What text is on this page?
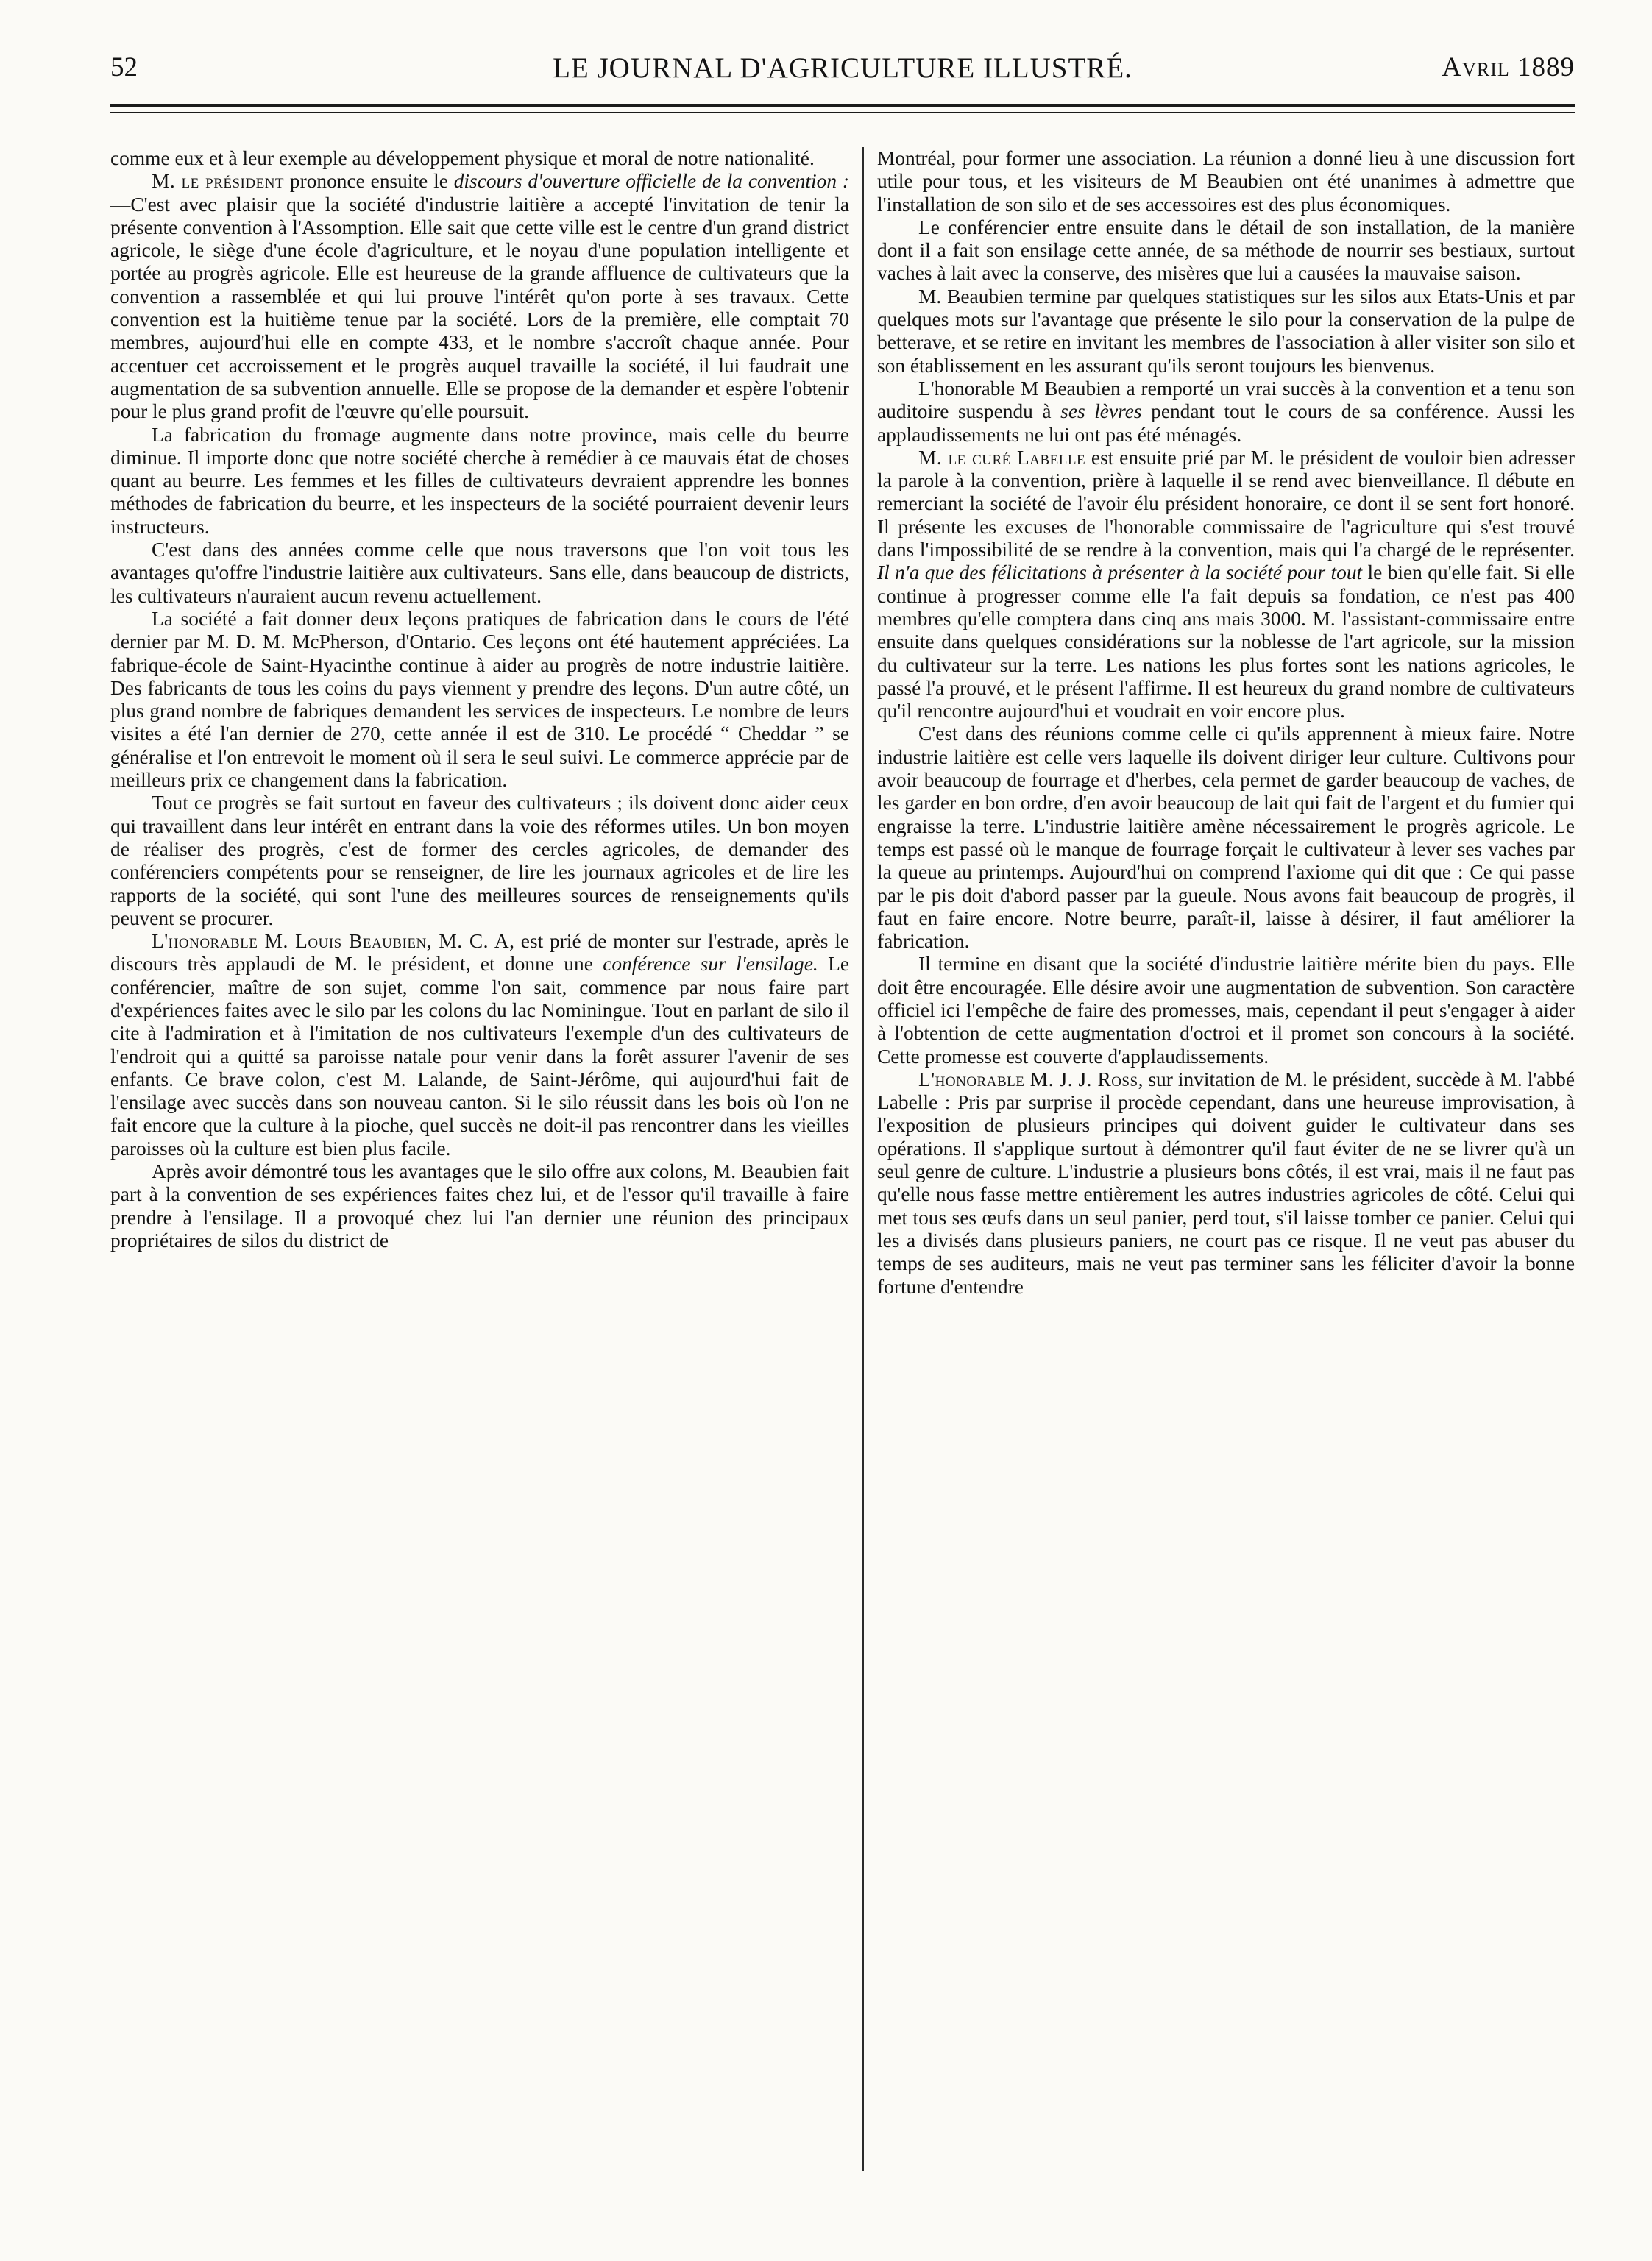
52	LE JOURNAL D'AGRICULTURE ILLUSTRÉ.	Avril 1889

comme eux et à leur exemple au développement physique et moral de notre nationalité.

M. le président prononce ensuite le discours d'ouverture officielle de la convention :—C'est avec plaisir que la société d'industrie laitière a accepté l'invitation de tenir la présente convention à l'Assomption. Elle sait que cette ville est le centre d'un grand district agricole, le siège d'une école d'agriculture, et le noyau d'une population intelligente et portée au progrès agricole. Elle est heureuse de la grande affluence de cultivateurs que la convention a rassemblée et qui lui prouve l'intérêt qu'on porte à ses travaux. Cette convention est la huitième tenue par la société. Lors de la première, elle comptait 70 membres, aujourd'hui elle en compte 433, et le nombre s'accroît chaque année. Pour accentuer cet accroissement et le progrès auquel travaille la société, il lui faudrait une augmentation de sa subvention annuelle. Elle se propose de la demander et espère l'obtenir pour le plus grand profit de l'œuvre qu'elle poursuit.

La fabrication du fromage augmente dans notre province, mais celle du beurre diminue. Il importe donc que notre société cherche à remédier à ce mauvais état de choses quant au beurre. Les femmes et les filles de cultivateurs devraient apprendre les bonnes méthodes de fabrication du beurre, et les inspecteurs de la société pourraient devenir leurs instructeurs.

C'est dans des années comme celle que nous traversons que l'on voit tous les avantages qu'offre l'industrie laitière aux cultivateurs. Sans elle, dans beaucoup de districts, les cultivateurs n'auraient aucun revenu actuellement.

La société a fait donner deux leçons pratiques de fabrication dans le cours de l'été dernier par M. D. M. McPherson, d'Ontario. Ces leçons ont été hautement appréciées. La fabrique-école de Saint-Hyacinthe continue à aider au progrès de notre industrie laitière. Des fabricants de tous les coins du pays viennent y prendre des leçons. D'un autre côté, un plus grand nombre de fabriques demandent les services de inspecteurs. Le nombre de leurs visites a été l'an dernier de 270, cette année il est de 310. Le procédé “ Cheddar ” se généralise et l'on entrevoit le moment où il sera le seul suivi. Le commerce apprécie par de meilleurs prix ce changement dans la fabrication.

Tout ce progrès se fait surtout en faveur des cultivateurs ; ils doivent donc aider ceux qui travaillent dans leur intérêt en entrant dans la voie des réformes utiles. Un bon moyen de réaliser des progrès, c'est de former des cercles agricoles, de demander des conférenciers compétents pour se renseigner, de lire les journaux agricoles et de lire les rapports de la société, qui sont l'une des meilleures sources de renseignements qu'ils peuvent se procurer.

L'honorable M. Louis Beaubien, M. C. A, est prié de monter sur l'estrade, après le discours très applaudi de M. le président, et donne une conférence sur l'ensilage. Le conférencier, maître de son sujet, comme l'on sait, commence par nous faire part d'expériences faites avec le silo par les colons du lac Nominingue. Tout en parlant de silo il cite à l'admiration et à l'imitation de nos cultivateurs l'exemple d'un des cultivateurs de l'endroit qui a quitté sa paroisse natale pour venir dans la forêt assurer l'avenir de ses enfants. Ce brave colon, c'est M. Lalande, de Saint-Jérôme, qui aujourd'hui fait de l'ensilage avec succès dans son nouveau canton. Si le silo réussit dans les bois où l'on ne fait encore que la culture à la pioche, quel succès ne doit-il pas rencontrer dans les vieilles paroisses où la culture est bien plus facile.

Après avoir démontré tous les avantages que le silo offre aux colons, M. Beaubien fait part à la convention de ses expériences faites chez lui, et de l'essor qu'il travaille à faire prendre à l'ensilage. Il a provoqué chez lui l'an dernier une réunion des principaux propriétaires de silos du district de

Montréal, pour former une association. La réunion a donné lieu à une discussion fort utile pour tous, et les visiteurs de M Beaubien ont été unanimes à admettre que l'installation de son silo et de ses accessoires est des plus économiques.

Le conférencier entre ensuite dans le détail de son installation, de la manière dont il a fait son ensilage cette année, de sa méthode de nourrir ses bestiaux, surtout vaches à lait avec la conserve, des misères que lui a causées la mauvaise saison.

M. Beaubien termine par quelques statistiques sur les silos aux Etats-Unis et par quelques mots sur l'avantage que présente le silo pour la conservation de la pulpe de betterave, et se retire en invitant les membres de l'association à aller visiter son silo et son établissement en les assurant qu'ils seront toujours les bienvenus.

L'honorable M Beaubien a remporté un vrai succès à la convention et a tenu son auditoire suspendu à ses lèvres pendant tout le cours de sa conférence. Aussi les applaudissements ne lui ont pas été ménagés.

M. le curé Labelle est ensuite prié par M. le président de vouloir bien adresser la parole à la convention, prière à laquelle il se rend avec bienveillance. Il débute en remerciant la société de l'avoir élu président honoraire, ce dont il se sent fort honoré. Il présente les excuses de l'honorable commissaire de l'agriculture qui s'est trouvé dans l'impossibilité de se rendre à la convention, mais qui l'a chargé de le représenter. Il n'a que des félicitations à présenter à la société pour tout le bien qu'elle fait. Si elle continue à progresser comme elle l'a fait depuis sa fondation, ce n'est pas 400 membres qu'elle comptera dans cinq ans mais 3000. M. l'assistant-commissaire entre ensuite dans quelques considérations sur la noblesse de l'art agricole, sur la mission du cultivateur sur la terre. Les nations les plus fortes sont les nations agricoles, le passé l'a prouvé, et le présent l'affirme. Il est heureux du grand nombre de cultivateurs qu'il rencontre aujourd'hui et voudrait en voir encore plus.

C'est dans des réunions comme celle ci qu'ils apprennent à mieux faire. Notre industrie laitière est celle vers laquelle ils doivent diriger leur culture. Cultivons pour avoir beaucoup de fourrage et d'herbes, cela permet de garder beaucoup de vaches, de les garder en bon ordre, d'en avoir beaucoup de lait qui fait de l'argent et du fumier qui engraisse la terre. L'industrie laitière amène nécessairement le progrès agricole. Le temps est passé où le manque de fourrage forçait le cultivateur à lever ses vaches par la queue au printemps. Aujourd'hui on comprend l'axiome qui dit que : Ce qui passe par le pis doit d'abord passer par la gueule. Nous avons fait beaucoup de progrès, il faut en faire encore. Notre beurre, paraît-il, laisse à désirer, il faut améliorer la fabrication.

Il termine en disant que la société d'industrie laitière mérite bien du pays. Elle doit être encouragée. Elle désire avoir une augmentation de subvention. Son caractère officiel ici l'empêche de faire des promesses, mais, cependant il peut s'engager à aider à l'obtention de cette augmentation d'octroi et il promet son concours à la société. Cette promesse est couverte d'applaudissements.

L'honorable M. J. J. Ross, sur invitation de M. le président, succède à M. l'abbé Labelle : Pris par surprise il procède cependant, dans une heureuse improvisation, à l'exposition de plusieurs principes qui doivent guider le cultivateur dans ses opérations. Il s'applique surtout à démontrer qu'il faut éviter de ne se livrer qu'à un seul genre de culture. L'industrie a plusieurs bons côtés, il est vrai, mais il ne faut pas qu'elle nous fasse mettre entièrement les autres industries agricoles de côté. Celui qui met tous ses œufs dans un seul panier, perd tout, s'il laisse tomber ce panier. Celui qui les a divisés dans plusieurs paniers, ne court pas ce risque. Il ne veut pas abuser du temps de ses auditeurs, mais ne veut pas terminer sans les féliciter d'avoir la bonne fortune d'entendre
